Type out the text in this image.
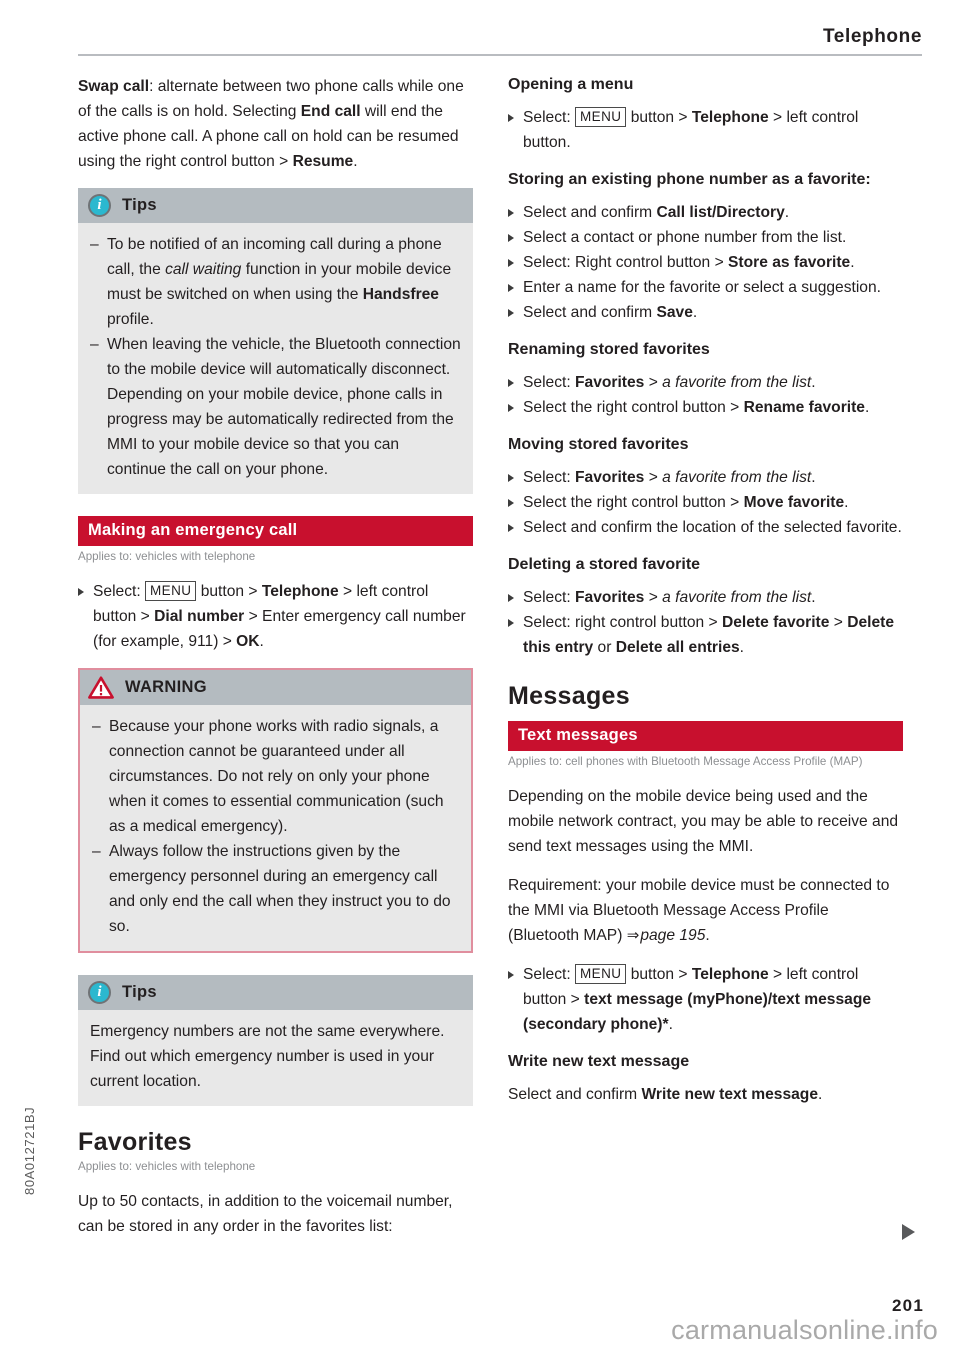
Telephone

Swap call: alternate between two phone calls while one of the calls is on hold. Selecting End call will end the active phone call. A phone call on hold can be resumed using the right control button > Resume.

i	Tips
– To be notified of an incoming call during a phone call, the call waiting function in your mobile device must be switched on when using the Handsfree profile.
– When leaving the vehicle, the Bluetooth connection to the mobile device will automatically disconnect. Depending on your mobile device, phone calls in progress may be automatically redirected from the MMI to your mobile device so that you can continue the call on your phone.
Making an emergency call

Applies to: vehicles with telephone

Select: MENU button > Telephone > left control button > Dial number > Enter emergency call number (for example, 911) > OK.
WARNING
– Because your phone works with radio signals, a connection cannot be guaranteed under all circumstances. Do not rely on only your phone when it comes to essential communication (such as a medical emergency).
– Always follow the instructions given by the emergency personnel during an emergency call and only end the call when they instruct you to do so.
i	Tips

Emergency numbers are not the same everywhere. Find out which emergency number is used in your current location.

Favorites

Applies to: vehicles with telephone

Up to 50 contacts, in addition to the voicemail number, can be stored in any order in the favorites list:

Opening a menu
Select: MENU button > Telephone > left control button.
Storing an existing phone number as a favorite:
Select and confirm Call list/Directory.
Select a contact or phone number from the list.
Select: Right control button > Store as favorite.
Enter a name for the favorite or select a suggestion.
Select and confirm Save.
Renaming stored favorites
Select: Favorites > a favorite from the list.
Select the right control button > Rename favorite.
Moving stored favorites
Select: Favorites > a favorite from the list.
Select the right control button > Move favorite.
Select and confirm the location of the selected favorite.
Deleting a stored favorite
Select: Favorites > a favorite from the list.
Select: right control button > Delete favorite > Delete this entry or Delete all entries.
Messages
Text messages

Applies to: cell phones with Bluetooth Message Access Profile (MAP)

Depending on the mobile device being used and the mobile network contract, you may be able to receive and send text messages using the MMI.

Requirement: your mobile device must be connected to the MMI via Bluetooth Message Access Profile (Bluetooth MAP) ⇒page 195.

Select: MENU button > Telephone > left control button > text message (myPhone)/text message (secondary phone)*.
Write new text message

Select and confirm Write new text message.

80A012721BJ
201
carmanualsonline.info
